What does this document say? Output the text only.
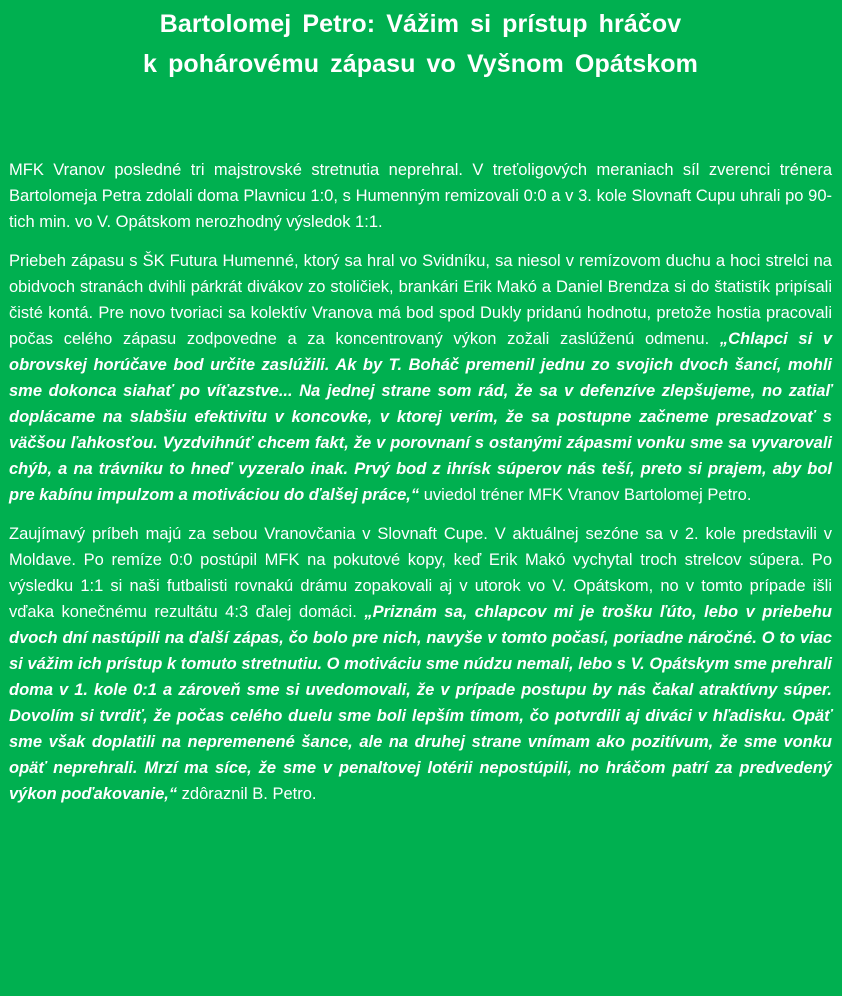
Bartolomej Petro: Vážim si prístup hráčov
k pohárovému zápasu vo Vyšnom Opátskom

MFK Vranov posledné tri majstrovské stretnutia neprehral. V treťoligových meraniach síl zverenci trénera Bartolomeja Petra zdolali doma Plavnicu 1:0, s Humenným remizovali 0:0 a v 3. kole Slovnaft Cupu uhrali po 90-tich min. vo V. Opátskom nerozhodný výsledok 1:1.

Priebeh zápasu s ŠK Futura Humenné, ktorý sa hral vo Svidníku, sa niesol v remízovom duchu a hoci strelci na obidvoch stranách dvihli párkrát divákov zo stoličiek, brankári Erik Makó a Daniel Brendza si do štatistík pripísali čisté kontá. Pre novo tvoriaci sa kolektív Vranova má bod spod Dukly pridanú hodnotu, pretože hostia pracovali počas celého zápasu zodpovedne a za koncentrovaný výkon zožali zaslúženú odmenu. „Chlapci si v obrovskej horúčave bod určite zaslúžili. Ak by T. Boháč premenil jednu zo svojich dvoch šancí, mohli sme dokonca siahať po víťazstve... Na jednej strane som rád, že sa v defenzíve zlepšujeme, no zatiaľ doplácame na slabšiu efektivitu v koncovke, v ktorej verím, že sa postupne začneme presadzovať s väčšou ľahkosťou. Vyzdvihnúť chcem fakt, že v porovnaní s ostanými zápasmi vonku sme sa vyvarovali chýb, a na trávniku to hneď vyzeralo inak. Prvý bod z ihrísk súperov nás teší, preto si prajem, aby bol pre kabínu impulzom a motiváciou do ďalšej práce,“ uviedol tréner MFK Vranov Bartolomej Petro.

Zaujímavý príbeh majú za sebou Vranovčania v Slovnaft Cupe. V aktuálnej sezóne sa v 2. kole predstavili v Moldave. Po remíze 0:0 postúpil MFK na pokutové kopy, keď Erik Makó vychytal troch strelcov súpera. Po výsledku 1:1 si naši futbalisti rovnakú drámu zopakovali aj v utorok vo V. Opátskom, no v tomto prípade išli vďaka konečnému rezultátu 4:3 ďalej domáci. „Priznám sa, chlapcov mi je trošku ľúto, lebo v priebehu dvoch dní nastúpili na ďalší zápas, čo bolo pre nich, navyše v tomto počasí, poriadne náročné. O to viac si vážim ich prístup k tomuto stretnutiu. O motiváciu sme núdzu nemali, lebo s V. Opátskym sme prehrali doma v 1. kole 0:1 a zároveň sme si uvedomovali, že v prípade postupu by nás čakal atraktívny súper. Dovolím si tvrdiť, že počas celého duelu sme boli lepším tímom, čo potvrdili aj diváci v hľadisku. Opäť sme však doplatili na nepremenené šance, ale na druhej strane vnímam ako pozitívum, že sme vonku opäť neprehrali. Mrzí ma síce, že sme v penaltovej lotérii nepostúpili, no hráčom patrí za predvedený výkon poďakovanie,“ zdôraznil B. Petro.
